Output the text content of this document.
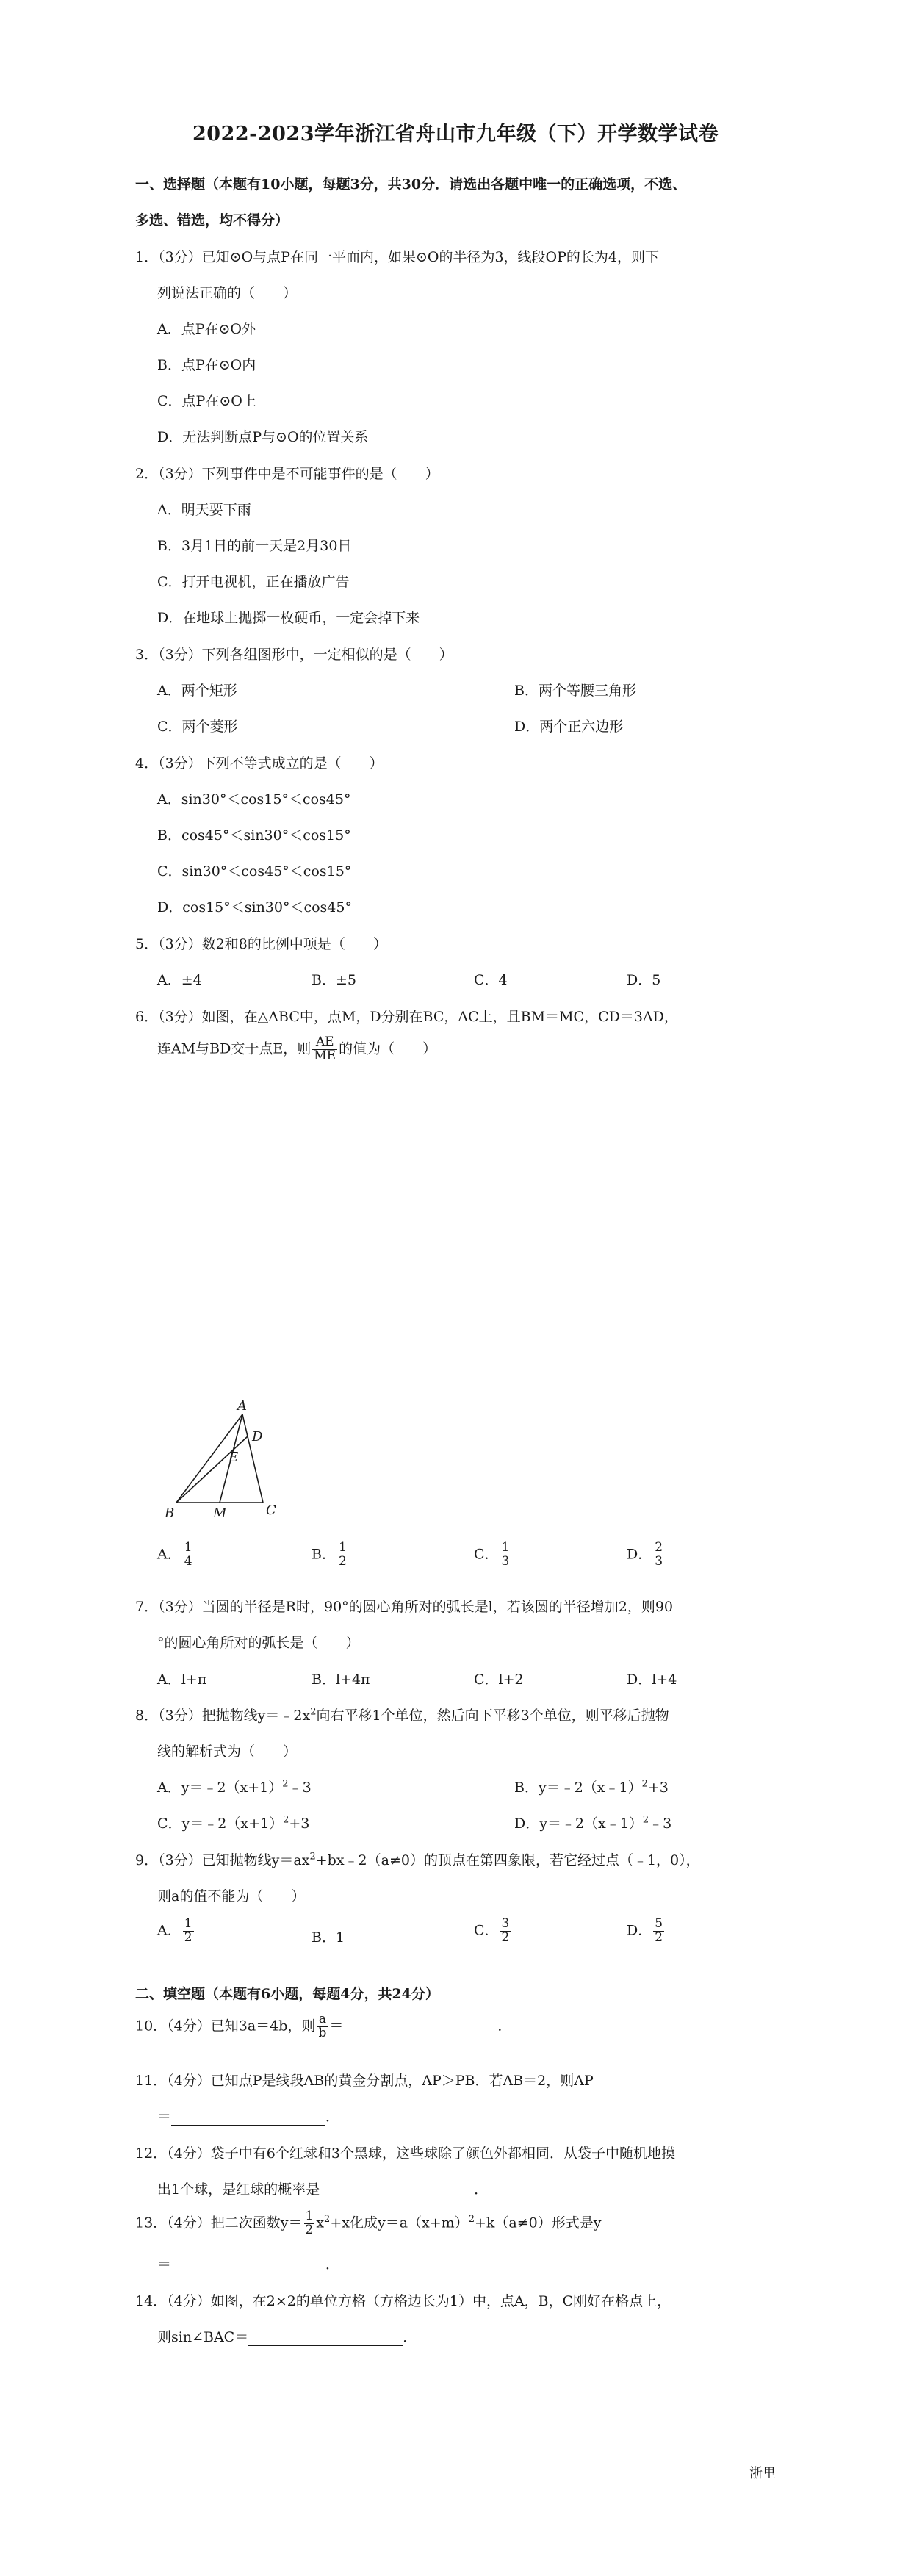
2022-2023学年浙江省舟山市九年级（下）开学数学试卷
一、选择题（本题有10小题，每题3分，共30分．请选出各题中唯一的正确选项，不选、
多选、错选，均不得分）
1．（3分）已知⊙O与点P在同一平面内，如果⊙O的半径为3，线段OP的长为4，则下
列说法正确的（　　）
A．点P在⊙O外
B．点P在⊙O内
C．点P在⊙O上
D．无法判断点P与⊙O的位置关系
2．（3分）下列事件中是不可能事件的是（　　）
A．明天要下雨
B．3月1日的前一天是2月30日
C．打开电视机，正在播放广告
D．在地球上抛掷一枚硬币，一定会掉下来
3．（3分）下列各组图形中，一定相似的是（　　）
A．两个矩形	B．两个等腰三角形
C．两个菱形	D．两个正六边形
4．（3分）下列不等式成立的是（　　）
A．sin30°＜cos15°＜cos45°
B．cos45°＜sin30°＜cos15°
C．sin30°＜cos45°＜cos15°
D．cos15°＜sin30°＜cos45°
5．（3分）数2和8的比例中项是（　　）
A．±4	B．±5	C．4	D．5
6．（3分）如图，在△ABC中，点M，D分别在BC，AC上，且BM＝MC，CD＝3AD，
连AM与BD交于点E，则 $\frac{AE}{ME}$ 的值为（　　）
A
D
E
B	M	C
A． $\frac{1}{4}$	B． $\frac{1}{2}$	C． $\frac{1}{3}$	D． $\frac{2}{3}$
7．（3分）当圆的半径是R时，90°的圆心角所对的弧长是l，若该圆的半径增加2，则90
°的圆心角所对的弧长是（　　）
A．l+π	B．l+4π	C．l+2	D．l+4
8．（3分）把抛物线$y=﹣2x^2$向右平移1个单位，然后向下平移3个单位，则平移后抛物
线的解析式为（　　）
A．$y=﹣2(x+1)^2﹣3$	B．y＝﹣2（x﹣1）$^2$+3
C．$y=﹣2(x+1)^2+3$	D．y＝﹣2（x﹣1）$^2$﹣3
9．（3分）已知抛物线$y=ax^2+bx﹣2(a\ne 0)$的顶点在第四象限，若它经过点（﹣1，0），
则a的值不能为（　　）
A． $\frac{1}{2}$	B．1	C． $\frac{3}{2}$	D． $\frac{5}{2}$
二、填空题（本题有6小题，每题4分，共24分）
10．（4分）已知3a＝4b，则 $\frac{a}{b}$ ＝	．
11．（4分）已知点P是线段AB的黄金分割点，AP＞PB．若AB＝2，则AP
＝	．
12．（4分）袋子中有6个红球和3个黑球，这些球除了颜色外都相同．从袋子中随机地摸
出1个球，是红球的概率是	．
13．（4分）把二次函数$y= \frac{1}{2} x^2+x$化成$y=a(x+m)^2+k(a\ne 0)$形式是y
＝	．
14．（4分）如图，在2×2的单位方格（方格边长为1）中，点A，B，C刚好在格点上，
则sin∠BAC＝	．
浙里
